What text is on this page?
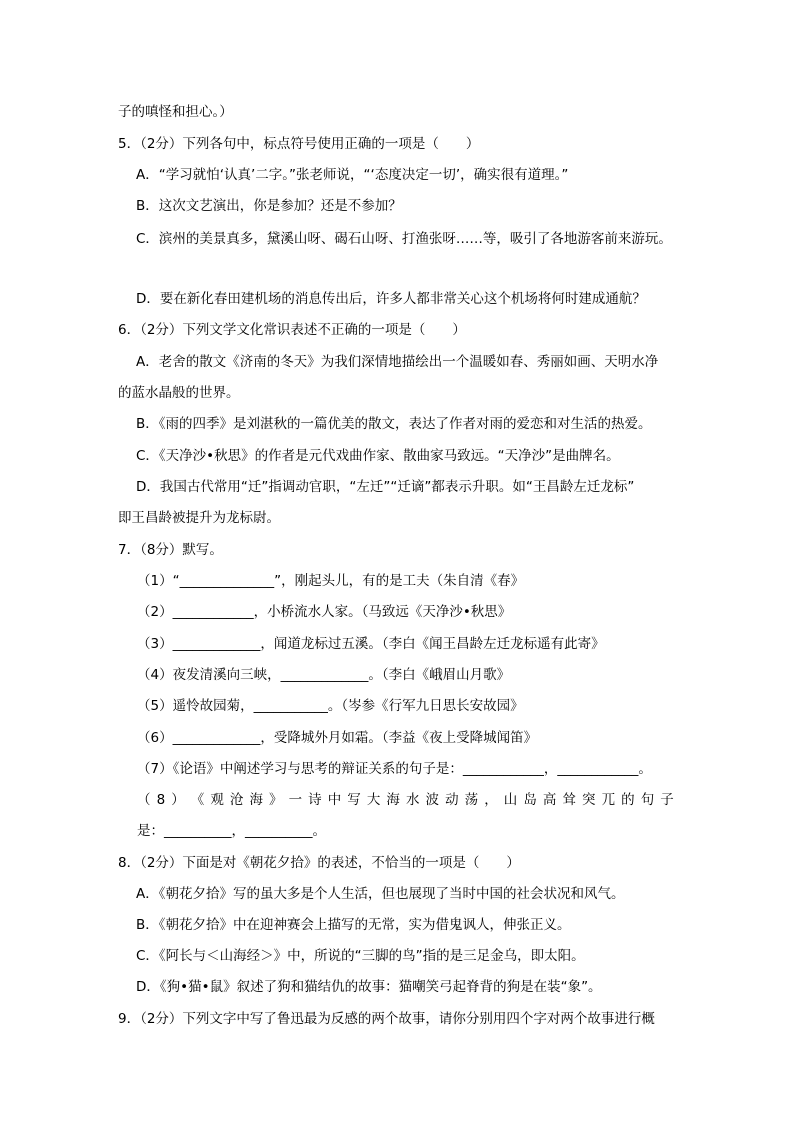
子的嗔怪和担心。）
5．（2分）下列各句中，标点符号使用正确的一项是（　　）
A．“学习就怕‘认真’二字。”张老师说，“‘态度决定一切’，确实很有道理。”
B．这次文艺演出，你是参加？还是不参加？
C．滨州的美景真多，黛溪山呀、碣石山呀、打渔张呀……等，吸引了各地游客前来游玩。
D．要在新化春田建机场的消息传出后，许多人都非常关心这个机场将何时建成通航？
6．（2分）下列文学文化常识表述不正确的一项是（　　）
A．老舍的散文《济南的冬天》为我们深情地描绘出一个温暖如春、秀丽如画、天明水净
的蓝水晶般的世界。
B．《雨的四季》是刘湛秋的一篇优美的散文，表达了作者对雨的爱恋和对生活的热爱。
C．《天净沙•秋思》的作者是元代戏曲作家、散曲家马致远。“天净沙”是曲牌名。
D．我国古代常用“迁”指调动官职，“左迁”“迁谪”都表示升职。如“王昌龄左迁龙标”
即王昌龄被提升为龙标尉。
7．（8分）默写。
（1）“______________”，刚起头儿，有的是工夫（朱自清《春》
（2）____________，小桥流水人家。（马致远《天净沙•秋思》
（3）_____________，闻道龙标过五溪。（李白《闻王昌龄左迁龙标遥有此寄》
（4）夜发清溪向三峡，_____________。（李白《峨眉山月歌》
（5）遥怜故园菊，___________。（岑参《行军九日思长安故园》
（6）_____________，受降城外月如霜。（李益《夜上受降城闻笛》
（7）《论语》中阐述学习与思考的辩证关系的句子是：____________，____________。
（ 8 ） 《 观 沧 海 》 一 诗 中 写 大 海 水 波 动 荡 ， 山 岛 高 耸 突 兀 的 句 子
是：__________，__________。
8．（2分）下面是对《朝花夕拾》的表述，不恰当的一项是（　　）
A．《朝花夕拾》写的虽大多是个人生活，但也展现了当时中国的社会状况和风气。
B．《朝花夕拾》中在迎神赛会上描写的无常，实为借鬼讽人，伸张正义。
C．《阿长与＜山海经＞》中，所说的“三脚的鸟”指的是三足金乌，即太阳。
D．《狗•猫•鼠》叙述了狗和猫结仇的故事：猫嘲笑弓起脊背的狗是在装“象”。
9．（2分）下列文字中写了鲁迅最为反感的两个故事，请你分别用四个字对两个故事进行概
